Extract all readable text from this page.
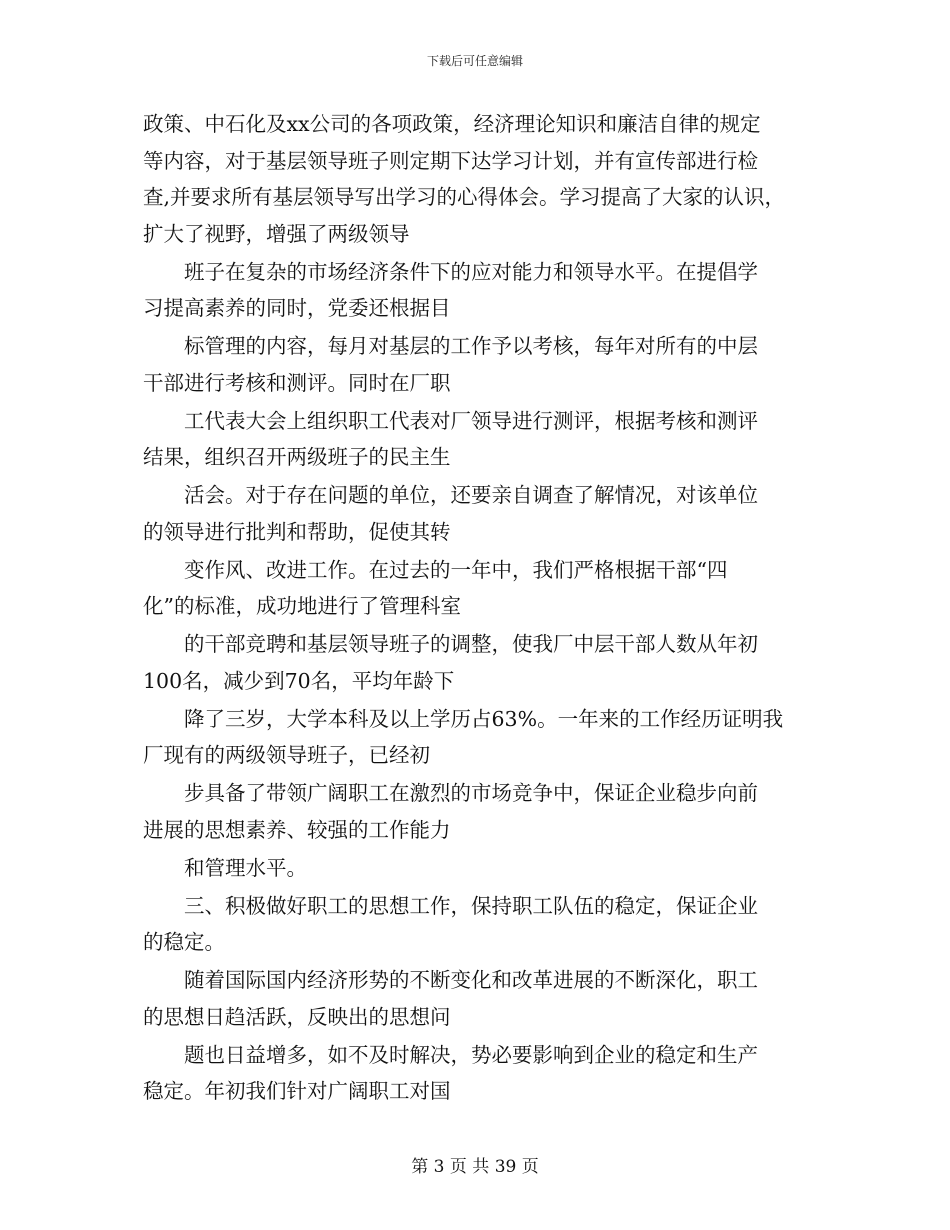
下载后可任意编辑
政策、中石化及xx公司的各项政策，经济理论知识和廉洁自律的规定
等内容，对于基层领导班子则定期下达学习计划，并有宣传部进行检
查,并要求所有基层领导写出学习的心得体会。学习提高了大家的认识，
扩大了视野，增强了两级领导
班子在复杂的市场经济条件下的应对能力和领导水平。在提倡学
习提高素养的同时，党委还根据目
标管理的内容，每月对基层的工作予以考核，每年对所有的中层
干部进行考核和测评。同时在厂职
工代表大会上组织职工代表对厂领导进行测评，根据考核和测评
结果，组织召开两级班子的民主生
活会。对于存在问题的单位，还要亲自调查了解情况，对该单位
的领导进行批判和帮助，促使其转
变作风、改进工作。在过去的一年中，我们严格根据干部“四
化”的标准，成功地进行了管理科室
的干部竞聘和基层领导班子的调整，使我厂中层干部人数从年初
100名，减少到70名，平均年龄下
降了三岁，大学本科及以上学历占63%。一年来的工作经历证明我
厂现有的两级领导班子，已经初
步具备了带领广阔职工在激烈的市场竞争中，保证企业稳步向前
进展的思想素养、较强的工作能力
和管理水平。
三、积极做好职工的思想工作，保持职工队伍的稳定，保证企业
的稳定。
随着国际国内经济形势的不断变化和改革进展的不断深化，职工
的思想日趋活跃，反映出的思想问
题也日益增多，如不及时解决，势必要影响到企业的稳定和生产
稳定。年初我们针对广阔职工对国
第 3 页 共 39 页
